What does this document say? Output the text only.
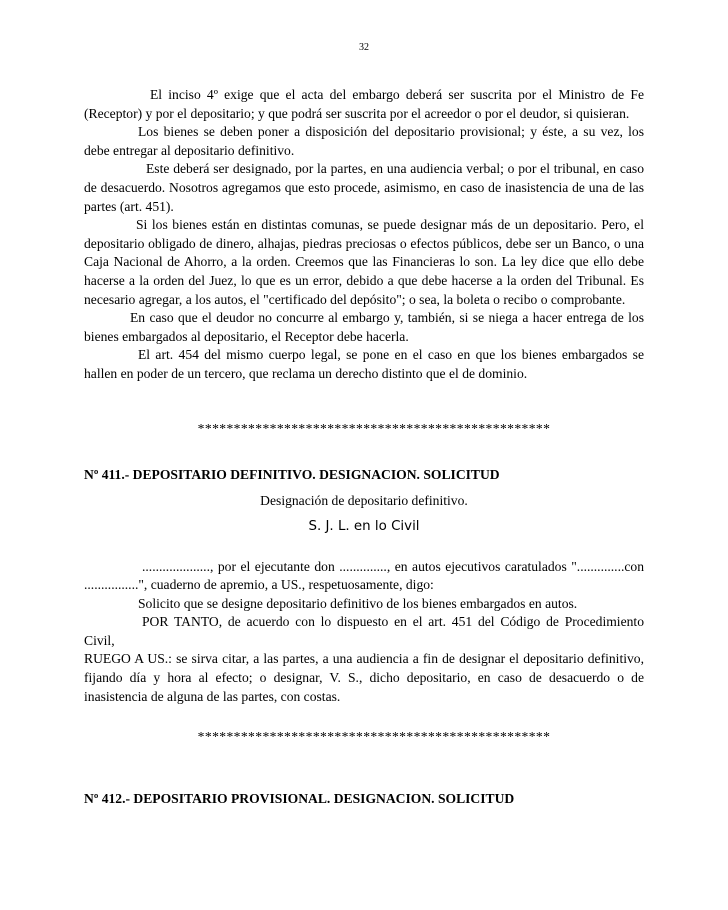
32

El inciso 4º exige que el acta del embargo deberá ser suscrita por el Ministro de Fe (Receptor) y por el depositario; y que podrá ser suscrita por el acreedor o por el deudor, si quisieran.

Los bienes se deben poner a disposición del depositario provisional; y éste, a su vez, los debe entregar al depositario definitivo.

Este deberá ser designado, por la partes, en una audiencia verbal; o por el tribunal, en caso de desacuerdo. Nosotros agregamos que esto procede, asimismo, en caso de inasistencia de una de las partes (art. 451).

Si los bienes están en distintas comunas, se puede designar más de un depositario. Pero, el depositario obligado de dinero, alhajas, piedras preciosas o efectos públicos, debe ser un Banco, o una Caja Nacional de Ahorro, a la orden. Creemos que las Financieras lo son. La ley dice que ello debe hacerse a la orden del Juez, lo que es un error, debido a que debe hacerse a la orden del Tribunal. Es necesario agregar, a los autos, el "certificado del depósito"; o sea, la boleta o recibo o comprobante.

En caso que el deudor no concurre al embargo y, también, si se niega a hacer entrega de los bienes embargados al depositario, el Receptor debe hacerla.

El art. 454 del mismo cuerpo legal, se pone en el caso en que los bienes embargados se hallen en poder de un tercero, que reclama un derecho distinto que el de dominio.

*************************************************

Nº 411.- DEPOSITARIO DEFINITIVO. DESIGNACION. SOLICITUD

Designación de depositario definitivo.

S. J. L. en lo Civil

...................., por el ejecutante don .............., en autos ejecutivos caratulados "..............con ................", cuaderno de apremio, a US., respetuosamente, digo:

Solicito que se designe depositario definitivo de los bienes embargados en autos.

POR TANTO, de acuerdo con lo dispuesto en el art. 451 del Código de Procedimiento Civil,

RUEGO A US.: se sirva citar, a las partes, a una audiencia a fin de designar el depositario definitivo, fijando día y hora al efecto; o designar, V. S., dicho depositario, en caso de desacuerdo o de inasistencia de alguna de las partes, con costas.

*************************************************

Nº 412.- DEPOSITARIO PROVISIONAL. DESIGNACION. SOLICITUD
